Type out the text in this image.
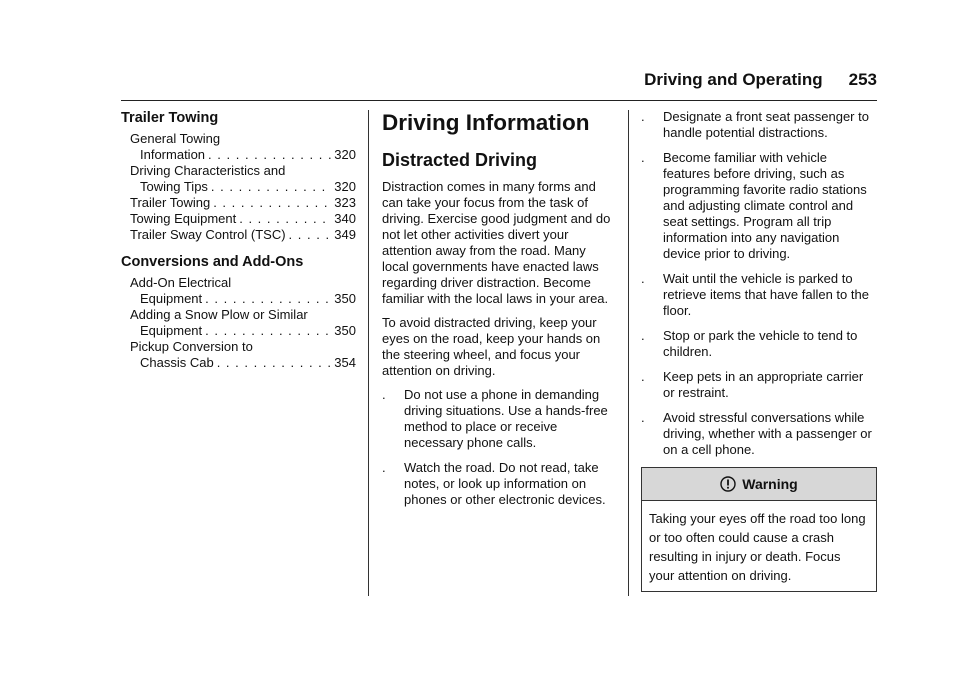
Driving and Operating 253
Trailer Towing
General Towing
Information . . .	320
Driving Characteristics and
Towing Tips . . .	320
Trailer Towing . . .	323
Towing Equipment . . .	340
Trailer Sway Control (TSC) . . .	349
Conversions and Add-Ons
Add-On Electrical
Equipment . . .	350
Adding a Snow Plow or Similar
Equipment . . .	350
Pickup Conversion to
Chassis Cab . . .	354
Driving Information
Distracted Driving
Distraction comes in many forms and can take your focus from the task of driving. Exercise good judgment and do not let other activities divert your attention away from the road. Many local governments have enacted laws regarding driver distraction. Become familiar with the local laws in your area.
To avoid distracted driving, keep your eyes on the road, keep your hands on the steering wheel, and focus your attention on driving.
.	Do not use a phone in demanding driving situations. Use a hands-free method to place or receive necessary phone calls.
.	Watch the road. Do not read, take notes, or look up information on phones or other electronic devices.
.	Designate a front seat passenger to handle potential distractions.
.	Become familiar with vehicle features before driving, such as programming favorite radio stations and adjusting climate control and seat settings. Program all trip information into any navigation device prior to driving.
.	Wait until the vehicle is parked to retrieve items that have fallen to the floor.
.	Stop or park the vehicle to tend to children.
.	Keep pets in an appropriate carrier or restraint.
.	Avoid stressful conversations while driving, whether with a passenger or on a cell phone.
Warning
Taking your eyes off the road too long or too often could cause a crash resulting in injury or death. Focus your attention on driving.
